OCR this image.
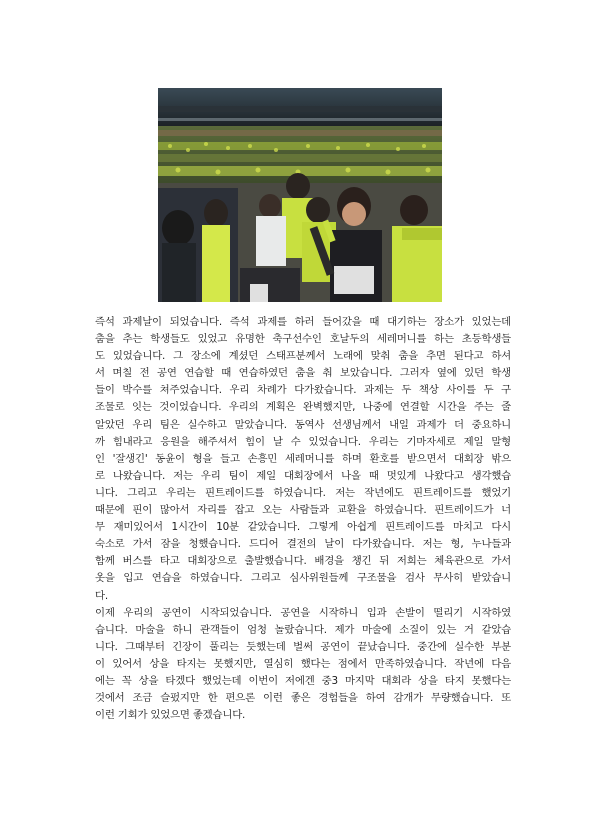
즉석 과제날이 되었습니다. 즉석 과제를 하러 들어갔을 때 대기하는 장소가 있었는데
춤을 추는 학생들도 있었고 유명한 축구선수인 호날두의 세레머니를 하는 초등학생들
도 있었습니다. 그 장소에 계셨던 스태프분께서 노래에 맞춰 춤을 추면 된다고 하셔
서 며칠 전 공연 연습할 때 연습하였던 춤을 춰 보았습니다. 그러자 옆에 있던 학생
들이 박수를 쳐주었습니다. 우리 차례가 다가왔습니다. 과제는 두 책상 사이를 두 구
조물로 잇는 것이었습니다. 우리의 계획은 완벽했지만, 나중에 연결할 시간을 주는 줄
알았던 우리 팀은 실수하고 말았습니다. 동역사 선생님께서 내일 과제가 더 중요하니
까 힘내라고 응원을 해주셔서 힘이 날 수 있었습니다. 우리는 기마자세로 제일 말형
인 '잘생긴' 동윤이 형을 들고 손흥민 세레머니를 하며 환호를 받으면서 대회장 밖으
로 나왔습니다. 저는 우리 팀이 제일 대회장에서 나올 때 멋있게 나왔다고 생각했습
니다. 그리고 우리는 핀트레이드를 하였습니다. 저는 작년에도 핀트레이드를 했었기
때문에 핀이 많아서 자리를 잡고 오는 사람들과 교환을 하였습니다. 핀트레이드가 너
무 재미있어서 1시간이 10분 같았습니다. 그렇게 아쉽게 핀트레이드를 마치고 다시
숙소로 가서 잠을 청했습니다. 드디어 결전의 날이 다가왔습니다. 저는 형, 누나들과
함께 버스를 타고 대회장으로 출발했습니다. 배경을 챙긴 뒤 저희는 체육관으로 가서
옷을 입고 연습을 하였습니다. 그리고 심사위원들께 구조물을 검사 무사히 받았습니
다.
이제 우리의 공연이 시작되었습니다. 공연을 시작하니 입과 손발이 떨리기 시작하였
습니다. 마술을 하니 관객들이 엄청 놀랐습니다. 제가 마술에 소질이 있는 거 같았습
니다. 그때부터 긴장이 풀리는 듯했는데 벌써 공연이 끝났습니다. 중간에 실수한 부분
이 있어서 상을 타지는 못했지만, 열심히 했다는 점에서 만족하였습니다. 작년에 다음
에는 꼭 상을 타겠다 했었는데 이번이 저에겐 중3 마지막 대회라 상을 타지 못했다는
것에서 조금 슬펐지만 한 편으론 이런 좋은 경험들을 하여 감개가 무량했습니다. 또
이런 기회가 있었으면 좋겠습니다.
